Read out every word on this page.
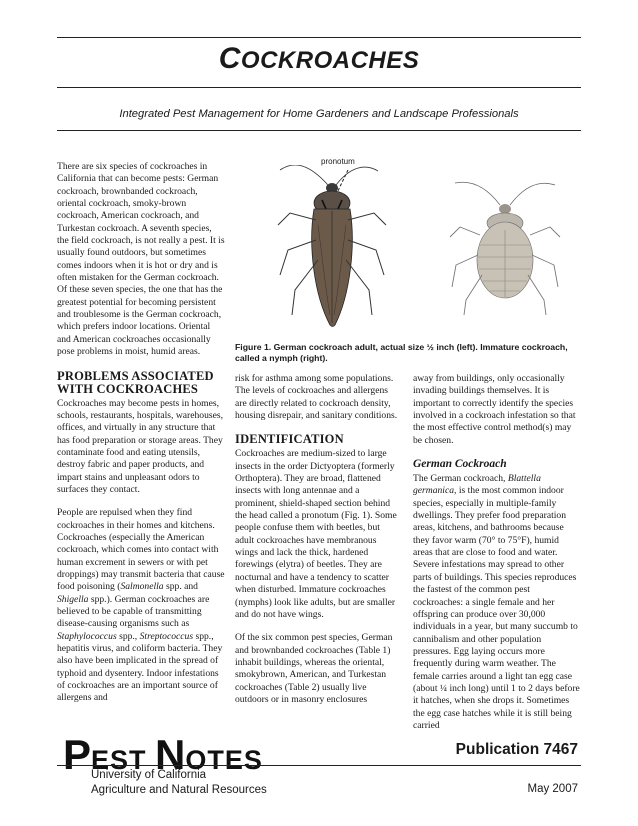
COCKROACHES
Integrated Pest Management for Home Gardeners and Landscape Professionals
pronotum
Figure 1. German cockroach adult, actual size ½ inch (left). Immature cockroach, called a nymph (right).

There are six species of cockroaches in California that can become pests: German cockroach, brownbanded cockroach, oriental cockroach, smoky-brown cockroach, American cockroach, and Turkestan cockroach. A seventh species, the field cockroach, is not really a pest. It is usually found outdoors, but sometimes comes indoors when it is hot or dry and is often mistaken for the German cockroach. Of these seven species, the one that has the greatest potential for becoming persistent and troublesome is the German cockroach, which prefers indoor locations. Oriental and American cockroaches occasionally pose problems in moist, humid areas.

PROBLEMS ASSOCIATED WITH COCKROACHES

Cockroaches may become pests in homes, schools, restaurants, hospitals, warehouses, offices, and virtually in any structure that has food preparation or storage areas. They contaminate food and eating utensils, destroy fabric and paper products, and impart stains and unpleasant odors to surfaces they contact.

People are repulsed when they find cockroaches in their homes and kitchens. Cockroaches (especially the American cockroach, which comes into contact with human excrement in sewers or with pet droppings) may transmit bacteria that cause food poisoning (Salmonella spp. and Shigella spp.). German cockroaches are believed to be capable of transmitting disease-causing organisms such as Staphylococcus spp., Streptococcus spp., hepatitis virus, and coliform bacteria. They also have been implicated in the spread of typhoid and dysentery. Indoor infestations of cockroaches are an important source of allergens and

risk for asthma among some populations. The levels of cockroaches and allergens are directly related to cockroach density, housing disrepair, and sanitary conditions.

IDENTIFICATION

Cockroaches are medium-sized to large insects in the order Dictyoptera (formerly Orthoptera). They are broad, flattened insects with long antennae and a prominent, shield-shaped section behind the head called a pronotum (Fig. 1). Some people confuse them with beetles, but adult cockroaches have membranous wings and lack the thick, hardened forewings (elytra) of beetles. They are nocturnal and have a tendency to scatter when disturbed. Immature cockroaches (nymphs) look like adults, but are smaller and do not have wings.

Of the six common pest species, German and brownbanded cockroaches (Table 1) inhabit buildings, whereas the oriental, smokybrown, American, and Turkestan cockroaches (Table 2) usually live outdoors or in masonry enclosures

away from buildings, only occasionally invading buildings themselves. It is important to correctly identify the species involved in a cockroach infestation so that the most effective control method(s) may be chosen.

German Cockroach

The German cockroach, Blattella germanica, is the most common indoor species, especially in multiple-family dwellings. They prefer food preparation areas, kitchens, and bathrooms because they favor warm (70° to 75°F), humid areas that are close to food and water. Severe infestations may spread to other parts of buildings. This species reproduces the fastest of the common pest cockroaches: a single female and her offspring can produce over 30,000 individuals in a year, but many succumb to cannibalism and other population pressures. Egg laying occurs more frequently during warm weather. The female carries around a light tan egg case (about ¼ inch long) until 1 to 2 days before it hatches, when she drops it. Sometimes the egg case hatches while it is still being carried

PEST NOTES	Publication 7467
University of California
Agriculture and Natural Resources	May 2007
